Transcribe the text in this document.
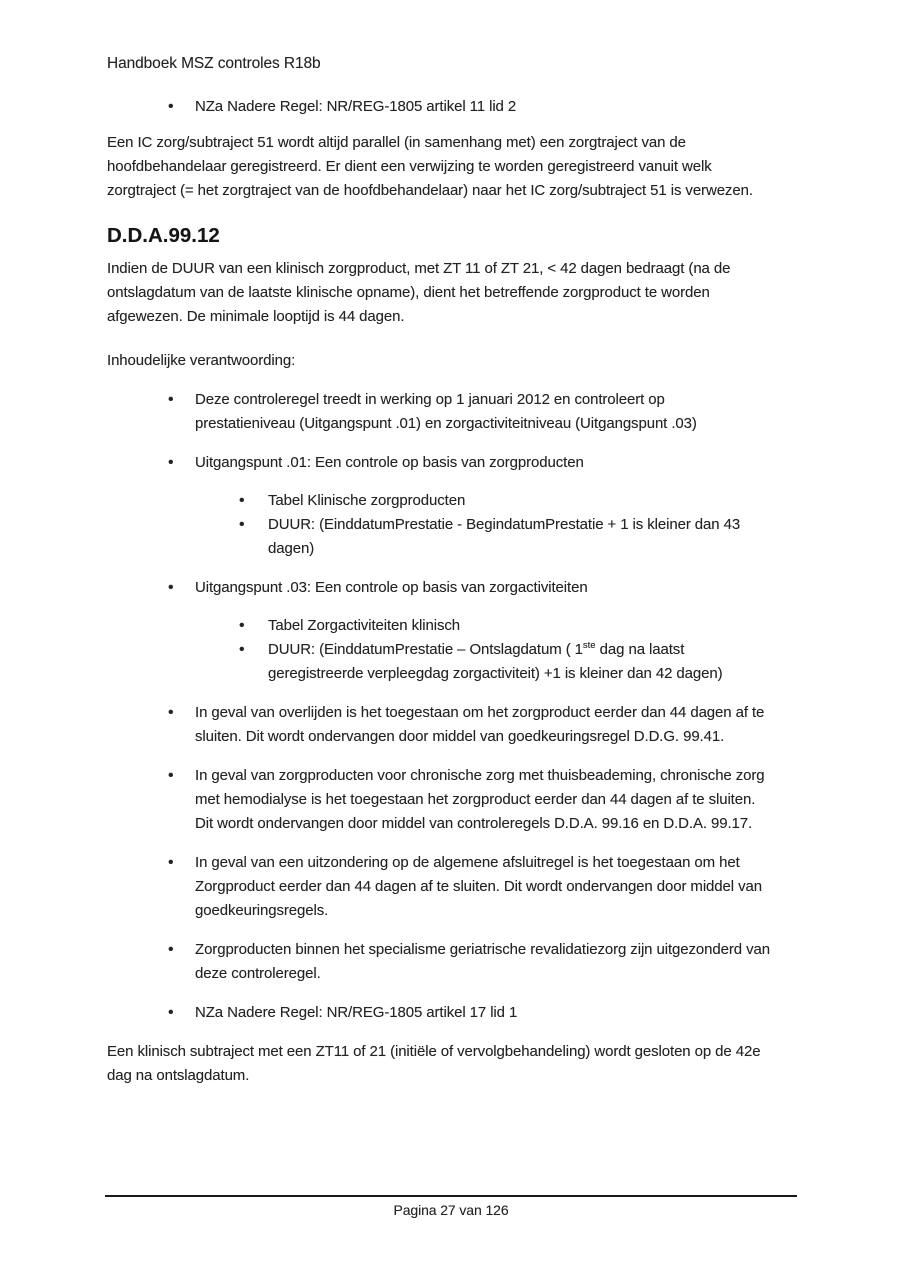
Handboek MSZ controles R18b
•
NZa Nadere Regel: NR/REG-1805 artikel 11 lid 2
Een IC zorg/subtraject 51 wordt altijd parallel (in samenhang met) een zorgtraject van de
hoofdbehandelaar geregistreerd. Er dient een verwijzing te worden geregistreerd vanuit welk
zorgtraject (= het zorgtraject van de hoofdbehandelaar) naar het IC zorg/subtraject 51 is verwezen.
D.D.A.99.12
Indien de DUUR van een klinisch zorgproduct, met ZT 11 of ZT 21, < 42 dagen bedraagt (na de
ontslagdatum van de laatste klinische opname), dient het betreffende zorgproduct te worden
afgewezen. De minimale looptijd is 44 dagen.
Inhoudelijke verantwoording:
•
Deze controleregel treedt in werking op 1 januari 2012 en controleert op
prestatieniveau (Uitgangspunt .01) en zorgactiviteitniveau (Uitgangspunt .03)
•
Uitgangspunt .01: Een controle op basis van zorgproducten
•
Tabel Klinische zorgproducten
•
DUUR: (EinddatumPrestatie - BegindatumPrestatie + 1 is kleiner dan 43
dagen)
•
Uitgangspunt .03: Een controle op basis van zorgactiviteiten
•
Tabel Zorgactiviteiten klinisch
•
DUUR: (EinddatumPrestatie – Ontslagdatum ( 1ste dag na laatst
geregistreerde verpleegdag zorgactiviteit) +1 is kleiner dan 42 dagen)
•
In geval van overlijden is het toegestaan om het zorgproduct eerder dan 44 dagen af te
sluiten. Dit wordt ondervangen door middel van goedkeuringsregel D.D.G. 99.41.
•
In geval van zorgproducten voor chronische zorg met thuisbeademing, chronische zorg
met hemodialyse is het toegestaan het zorgproduct eerder dan 44 dagen af te sluiten.
Dit wordt ondervangen door middel van controleregels D.D.A. 99.16 en D.D.A. 99.17.
•
In geval van een uitzondering op de algemene afsluitregel is het toegestaan om het
Zorgproduct eerder dan 44 dagen af te sluiten. Dit wordt ondervangen door middel van
goedkeuringsregels.
•
Zorgproducten binnen het specialisme geriatrische revalidatiezorg zijn uitgezonderd van
deze controleregel.
•
NZa Nadere Regel: NR/REG-1805 artikel 17 lid 1
Een klinisch subtraject met een ZT11 of 21 (initiële of vervolgbehandeling) wordt gesloten op de 42e
dag na ontslagdatum.
Pagina 27 van 126
